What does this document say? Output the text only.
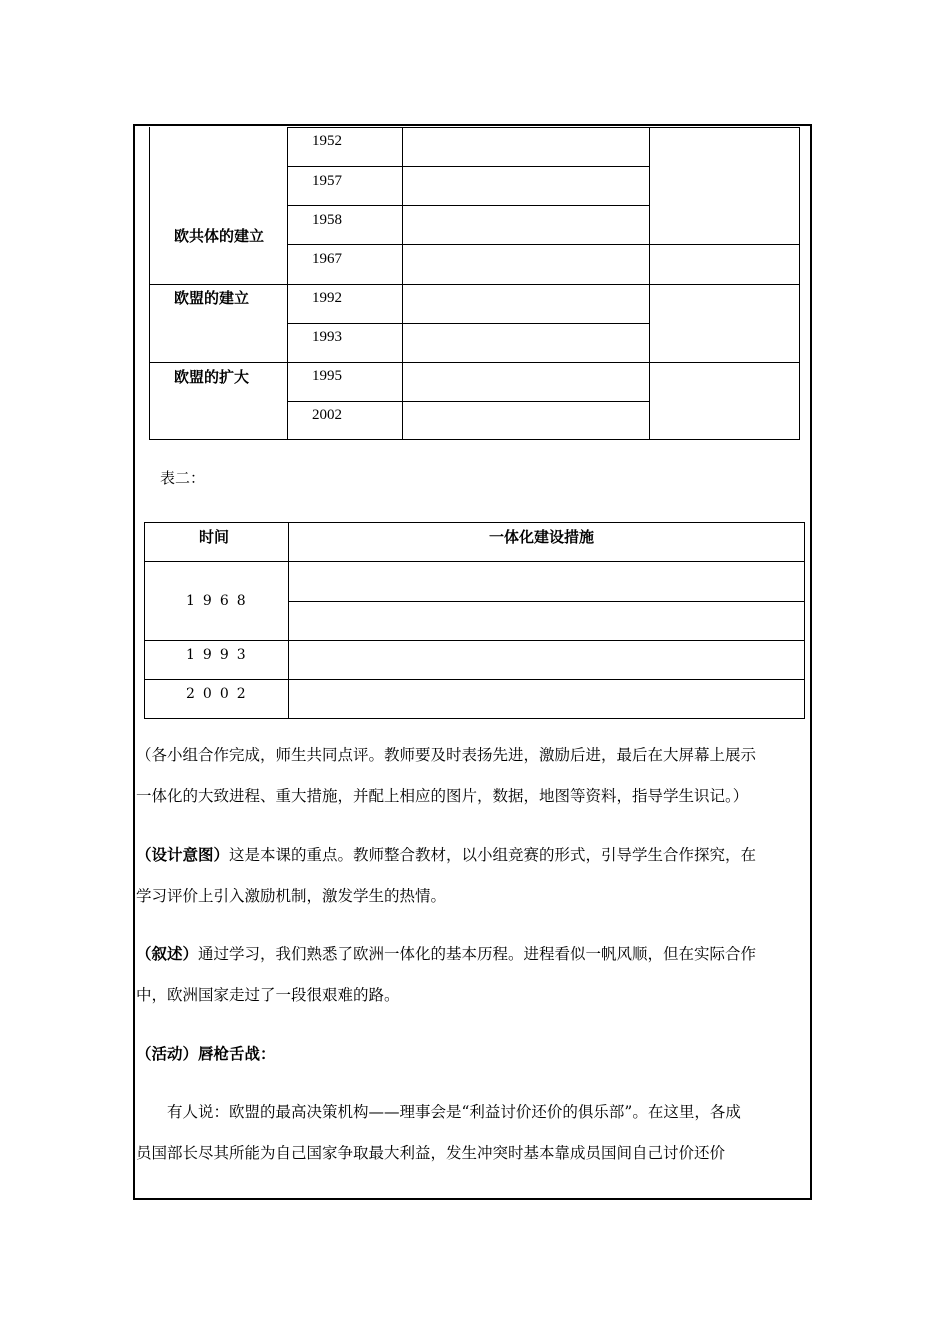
欧共体的建立
欧盟的建立
欧盟的扩大
1952
1957
1958
1967
1992
1993
1995
2002
表二：
时间	一体化建设措施
1968
1993
2002
（各小组合作完成，师生共同点评。教师要及时表扬先进，激励后进，最后在大屏幕上展示
一体化的大致进程、重大措施，并配上相应的图片，数据，地图等资料，指导学生识记。）
（设计意图）这是本课的重点。教师整合教材，以小组竞赛的形式，引导学生合作探究，在
学习评价上引入激励机制，激发学生的热情。
（叙述）通过学习，我们熟悉了欧洲一体化的基本历程。进程看似一帆风顺，但在实际合作
中，欧洲国家走过了一段很艰难的路。
（活动）唇枪舌战：
有人说：欧盟的最高决策机构——理事会是“利益讨价还价的俱乐部”。在这里，各成
员国部长尽其所能为自己国家争取最大利益，发生冲突时基本靠成员国间自己讨价还价
